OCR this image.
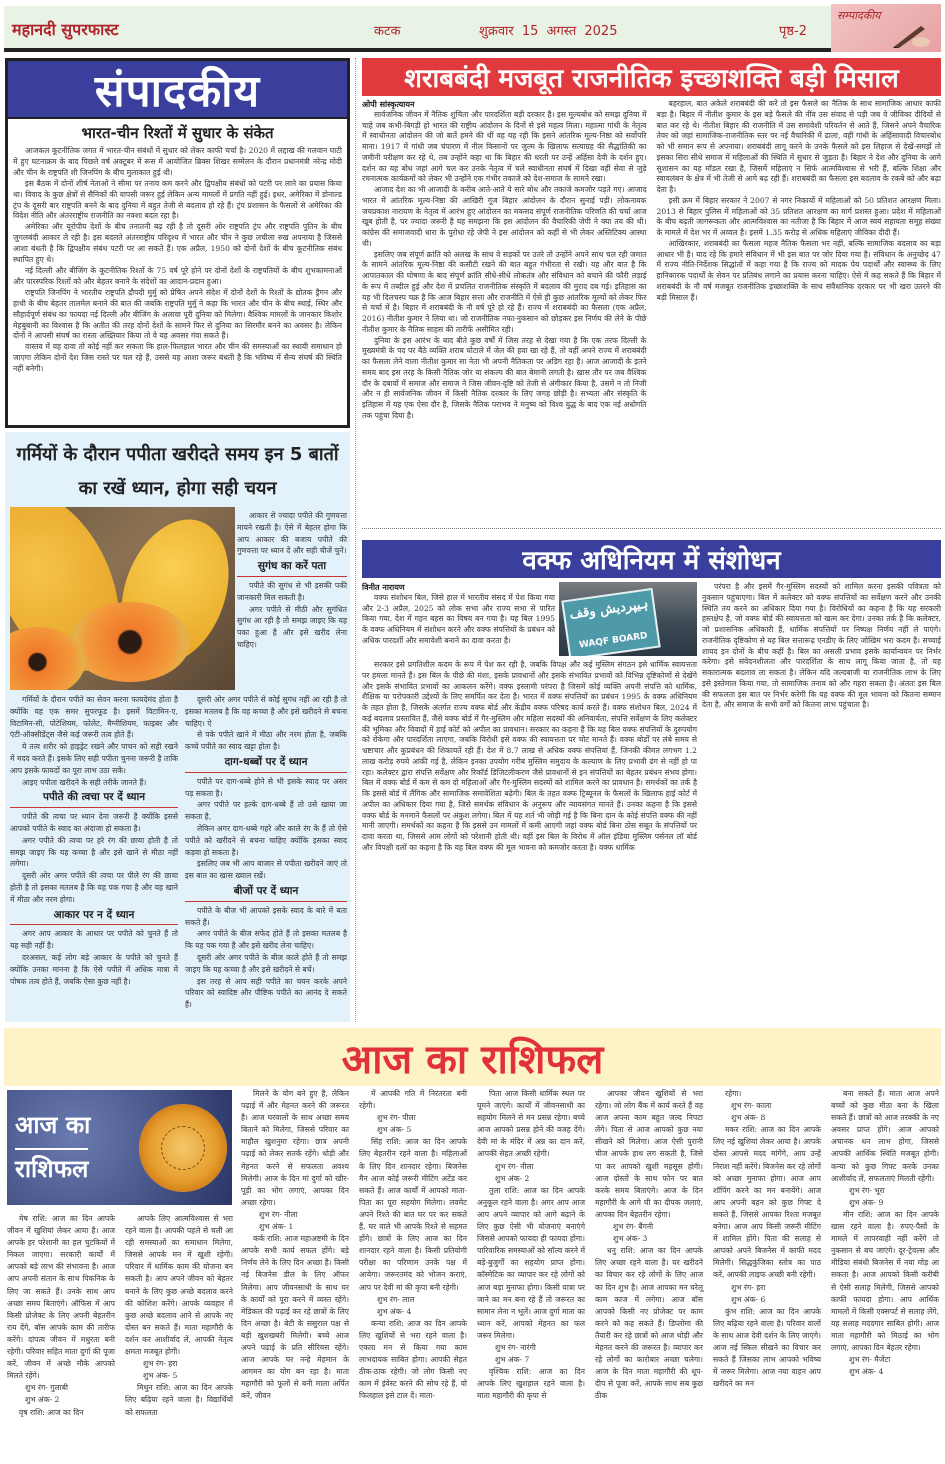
महानदी सुपरफास्ट	कटक	शुक्रवार 15 अगस्त 2025	पृष्ठ-2
सम्पादकीय
संपादकीय
भारत-चीन रिश्तों में सुधार के संकेत

आजकल कूटनीतिक जगत में भारत-चीन संबंधों में सुधार को लेकर काफी चर्चा है। 2020 में लद्दाख की गलवान घाटी में हुए घटनाक्रम के बाद पिछले वर्ष अक्टूबर में रूस में आयोजित ब्रिक्स शिखर सम्मेलन के दौरान प्रधानमंत्री नरेन्द्र मोदी और चीन के राष्ट्रपति शी जिनपिंग के बीच मुलाकात हुई थी।

इस बैठक में दोनों शीर्ष नेताओं ने सीमा पर तनाव कम करने और द्विपक्षीय संबंधों को पटरी पर लाने का प्रयास किया था। विवाद के कुछ क्षेत्रों से सैनिकों की वापसी जरूर हुई लेकिन अन्य मामलों में प्रगति नहीं हुई। इधर, अमेरिका में डोनाल्ड ट्रंप के दूसरी बार राष्ट्रपति बनने के बाद दुनिया में बहुत तेजी से बदलाव हो रहे हैं। ट्रंप प्रशासन के फैसलों से अमेरिका की विदेश नीति और अंतरराष्ट्रीय राजनीति का नक्शा बदल रहा है।

अमेरिका और यूरोपीय देशों के बीच तनातनी बढ़ रही है तो दूसरी ओर राष्ट्रपति ट्रंप और राष्ट्रपति पुतिन के बीच जुगलबंदी आकार ले रही है। इस बदलते अंतरराष्ट्रीय परिदृश्य में भारत और चीन ने कुछ लचीला रुख अपनाया है जिससे आशा बंधती है कि द्विपक्षीय संबंध पटरी पर आ सकते हैं। एक अप्रैल, 1950 को दोनों देशों के बीच कूटनीतिक संबंध स्थापित हुए थे।

नई दिल्ली और बीजिंग के कूटनीतिक रिश्तों के 75 वर्ष पूरे होने पर दोनों देशों के राष्ट्रपतियों के बीच शुभकामनाओं और पारस्परिक रिश्तों को और बेहतर बनाने के संदेशों का आदान-प्रदान हुआ।

राष्ट्रपति जिनपिंग ने भारतीय राष्ट्रपति द्रौपदी मुर्मु को प्रेषित अपने संदेश में दोनों देशों के रिश्तों के द्योतक ड्रैगन और हाथी के बीच बेहतर तालमेल बनाने की बात की जबकि राष्ट्रपति मुर्मु ने कहा कि भारत और चीन के बीच स्थाई, स्थिर और सौहार्दपूर्ण संबंध का फायदा नई दिल्ली और बीजिंग के अलावा पूरी दुनिया को मिलेगा। वैश्विक मामलों के जानकार किशोर मेहबुबानी का विश्वास है कि अतीत की तरह दोनों देशों के सामने फिर से दुनिया का सिरमौर बनने का अवसर है। लेकिन दोनों ने आपसी संघर्ष का रास्ता अख्तियार किया तो वे यह अवसर गंवा सकते हैं।

वास्तव में यह दावा तो कोई नहीं कर सकता कि हाल-फिलहाल भारत और चीन की समस्याओं का स्थायी समाधान हो जाएगा लेकिन दोनों देश जिस रास्ते पर चल रहे हैं, उससे यह आशा जरूर बंधती है कि भविष्य में सैन्य संघर्ष की स्थिति नहीं बनेगी।

गर्मियों के दौरान पपीता खरीदते समय इन 5 बातों का रखें ध्यान, होगा सही चयन

आकार से ज्यादा पपीते की गुणवत्ता मायने रखती है। ऐसे में बेहतर होगा कि आप आकार की बजाय पपीते की गुणवत्ता पर ध्यान दें और सही चीजें चुनें।

सुगंध का करें पता

पपीते की सुगंध से भी इसकी पकी जानकारी मिल सकती है।

अगर पपीते से मीठी और सुगंधित सुगंध आ रही है तो समझ जाइए कि यह पका हुआ है और इसे खरीद लेना चाहिए।

गर्मियों के दौरान पपीते का सेवन करना फायदेमंद होता है क्योंकि यह एक समर सुपरफूड है। इसमें विटामिन-ए, विटामिन-सी, पोटेशियम, फोलेट, मैग्नीशियम, फाइबर और एंटी-ऑक्सीडेंट्स जैसे कई जरूरी तत्व होते हैं।

ये तत्व शरीर को हाइड्रेट रखने और पाचन को सही रखने में मदद करते हैं। इसके लिए सही पपीता चुनना जरूरी है ताकि आप इसके फायदों का पूरा लाभ उठा सकें।

आइए पपीता खरीदने के सही तरीके जानते हैं।

पपीते की त्वचा पर दें ध्यान

पपीते की त्वचा पर ध्यान देना जरूरी है क्योंकि इससे आपको पपीते के स्वाद का अंदाजा हो सकता है।

अगर पपीते की त्वचा पर हरे रंग की छाया होती है तो समझ जाइए कि यह कच्चा है और इसे खाने से मीठा नहीं लगेगा।

दूसरी ओर अगर पपीते की त्वचा पर पीले रंग की छाया होती है तो इसका मतलब है कि यह पक गया है और यह खाने में मीठा और नरम होगा।

आकार पर न दें ध्यान

अगर आप आकार के आधार पर पपीते को चुनते हैं तो यह सही नहीं है।

दरअसल, कई लोग बड़े आकार के पपीते को चुनते हैं क्योंकि उनका मानना है कि ऐसे पपीते में अधिक मात्रा में पोषक तत्व होते हैं, जबकि ऐसा कुछ नहीं है।

दूसरी ओर अगर पपीते से कोई सुगंध नहीं आ रही है तो इसका मतलब है कि वह कच्चा है और इसे खरीदने से बचना चाहिए। ऐ

से पके पपीते खाने में मीठा और नरम होता है, जबकि कच्चे पपीते का स्वाद खट्टा होता है।

दाग-धब्बों पर दें ध्यान

पपीते पर दाग-धब्बे होने से भी इसके स्वाद पर असर पड़ सकता है।

अगर पपीते पर हल्के दाग-धब्बे हैं तो उसे खाया जा सकता है,

लेकिन अगर दाग-धब्बे गहरे और काले रंग के हैं तो ऐसे पपीते को खरीदने से बचना चाहिए क्योंकि इसका स्वाद कड़वा हो सकता है।

इसलिए जब भी आप बाजार से पपीता खरीदने जाएं तो इस बात का खास ख्याल रखें।

बीजों पर दें ध्यान

पपीते के बीज भी आपको इसके स्वाद के बारे में बता सकते हैं।

अगर पपीते के बीज सफेद होते हैं तो इसका मतलब है कि यह पक गया है और इसे खरीद लेना चाहिए।

दूसरी ओर अगर पपीते के बीज काले होते हैं तो समझ जाइए कि यह कच्चा है और इसे खरीदने से बचें।

इस तरह से आप सही पपीते का चयन करके अपने परिवार को स्वादिष्ट और पौष्टिक पपीते का आनंद दे सकते हैं।

शराबबंदी मजबूत राजनीतिक इच्छाशक्ति बड़ी मिसाल
ओपी सांस्कृत्यायन

सार्वजनिक जीवन में नैतिक शुचिता और पारदर्शिता बड़ी दरकार है। इस मूल्यबोध को समझ दुनिया में चाहे जब कभी-बिगड़ी हो भारत की राष्ट्रीय आंदोलन के दिनों से इसे महत्व मिला। महात्मा गांधी के नेतृत्व में स्वाधीनता आंदोलन की जो बातें हमने की थीं वह यह रही कि इसने आंतरिक मूल्य-निष्ठा को सर्वोपरि माना। 1917 में गांधी जब चंपारण में नील किसानों पर जुल्म के खिलाफ सत्याग्रह की सैद्धांतिकी का जमीनी परीक्षण कर रहे थे, तब उन्होंने कहा था कि बिहार की धरती पर उन्हें अहिंसा देवी के दर्शन हुए। दर्शन का यह बोध जहां आगे चल कर उनके नेतृत्व में चले स्वाधीनता संघर्ष में दिखा वहीं सेवा से जुड़े रचनात्मक कार्यक्रमों को लेकर भी उन्होंने एक गंभीर तकाजे को देश-समाज के सामने रखा।

आजाद देश का भी आजादी के करीब आते-आते ये सारे बोध और तकाजे कमजोर पड़ते गए। आजाद भारत में आंतरिक मूल्य-निष्ठा की आखिरी गूंज बिहार आंदोलन के दौरान सुनाई पड़ी। लोकनायक जयप्रकाश नारायण के नेतृत्व में आरंभ हुए आंदोलन का मकसद संपूर्ण राजनीतिक परिणति की चर्चा आज खूब होती है, पर ज्यादा जरूरी है यह समझना कि इस आंदोलन की वैचारिकी जेपी ने क्या तय की थी। कांग्रेस की समाजवादी धारा के पुरोधा रहे जेपी ने इस आंदोलन को कहीं से भी लेकर अस्तिटिक्य आस्था थी।

इसलिए जब संपूर्ण क्रांति को अलख के साथ वे सड़कों पर उतरे तो उन्होंने अपने साथ चल रही जमात के सामने आंतरिक मूल्य-निष्ठा की कसौटी रखने की बात बहुत गंभीरता से रखी। यह और बात है कि आपातकाल की घोषणा के बाद संपूर्ण क्रांति सीधे-सीधे लोकतंत्र और संविधान को बचाने की फौरी लड़ाई के रूप में तब्दील हुई और देश में प्रचलित राजनीतिक संस्कृति में बदलाव की मुराद दब गई। इतिहास का यह भी दिलचस्प चक्र है कि आज बिहार सत्ता और राजनीति में ऐसे ही कुछ आंतरिक मूल्यों को लेकर फिर से चर्चा में है। बिहार में शराबबंदी के नौ वर्ष पूरे हो रहे हैं। राज्य में शराबबंदी का फैसला (एक अप्रैल, 2016) नीतीश कुमार ने लिया था। जो राजनीतिक नफा-नुकसान को छोड़कर इस निर्णय की लेने के पीछे नीतीश कुमार के नैतिक साहस की तारीफें असीमित रही।

दुनिया के इस आरंभ के बाद बीते कुछ वर्षों में जिस तरह से देखा गया है कि एक तरफ दिल्ली के मुख्यमंत्री के पद पर बैठे व्यक्ति शराब घोटाले में जेल की हवा खा रहे हैं, तो वहीं अपने राज्य में शराबबंदी का फैसला लेने वाला नीतीश कुमार सा नेता भी अपनी नैतिकता पर अडिग रहा है। आज आजादी के इतने समय बाद इस तरह के किसी नैतिक जोर या संकल्प की बात बेमानी लगती है। खास तौर पर जब वैश्विक दौर के दबावों में समाज और समाज ने जिस जीवन-दृष्टि को तेजी से अंगीकार किया है, उसमें न तो निजी और न ही सार्वजनिक जीवन में किसी नैतिक दरकार के लिए जगह छोड़ी है। सभ्यता और संस्कृति के इतिहास में यह एक ऐसा दौर है, जिसके नैतिक पराभव ने मनुष्य को विश्व युद्ध के बाद एक नई अधोगति तक पहुंचा दिया है।

बहरहाल, बात अकेले शराबबंदी की करें तो इस फैसले का नैतिक के साथ सामाजिक आधार काफी बड़ा है। बिहार में नीतीश कुमार के इस बड़े फैसले की नींव उस संवाद से पड़ी जब वे जीविका दीदियों से बात कर रहे थे। नीतीश बिहार की राजनीति में उस समावेशी परिवर्तन से आते हैं, जिसने अपने वैचारिक तेवर को जहां सामाजिक-राजनीतिक स्तर पर नई वैचारिकी में ढाला, वहीं गांधी के अहिंसावादी विचारबोध को भी समान रूप से अपनाया। शराबबंदी लागू करने के उनके फैसले को इस लिहाज से देखें-समझें तो इसका सिरा सीधे समाज में महिलाओं की स्थिति में सुधार से जुड़ता है। बिहार ने देश और दुनिया के आगे सुशासन का यह मॉडल रखा है, जिसमें महिलाएं न सिर्फ आत्मविश्वास से भरी हैं, बल्कि शिक्षा और स्वावलंबन के क्षेत्र में भी तेजी से आगे बढ़ रही हैं। शराबबंदी का फैसला इस बदलाव के रकबे को और बढ़ा देता है।

इसी क्रम में बिहार सरकार ने 2007 से नगर निकायों में महिलाओं को 50 प्रतिशत आरक्षण मिला। 2013 से बिहार पुलिस में महिलाओं को 35 प्रतिशत आरक्षण का मार्ग प्रशस्त हुआ। प्रदेश में महिलाओं के बीच बढ़ती जागरूकता और आत्मविश्वास का नतीजा है कि बिहार में आज स्वयं सहायता समूह संख्या के मामले में देश भर में अव्वल है। इसमें 1.35 करोड़ से अधिक महिलाएं जीविका दीदी हैं।

आखिरकार, शराबबंदी का फैसला महज नैतिक फैसला भर नहीं, बल्कि सामाजिक बदलाव का बड़ा आधार भी है। याद रहे कि हमारे संविधान में भी इस बात पर जोर दिया गया है। संविधान के अनुच्छेद 47 में राज्य नीति-निर्देशक सिद्धांतों में कहा गया है कि राज्य को मादक पेय पदार्थों और स्वास्थ्य के लिए हानिकारक पदार्थों के सेवन पर प्रतिबंध लगाने का प्रयास करना चाहिए। ऐसे में कह सकते हैं कि बिहार में शराबबंदी के नौ वर्ष मजबूत राजनीतिक इच्छाशक्ति के साथ संवैधानिक दरकार पर भी खरा उतरने की बड़ी मिसाल हैं।

वक्फ अधिनियम में संशोधन
विनीत नारायण

वक्फ संशोधन बिल, जिसे हाल में भारतीय संसद में पेश किया गया और 2-3 अप्रैल, 2025 को लोक सभा और राज्य सभा से पारित किया गया, देश में गहन बहस का विषय बन गया है। यह बिल 1995 के वक्फ अधिनियम में संशोधन करने और वक्फ संपत्तियों के प्रबंधन को अधिक पारदर्शी और समावेशी बनाने का दावा करता है।

ہیپردیش وقف
WAQF BOARD

परंपरा है और इसमें गैर-मुस्लिम सदस्यों को शामिल करना इसकी पवित्रता को नुकसान पहुंचाएगा। बिल में कलेक्टर को वक्फ संपत्तियों का सर्वेक्षण करने और उनकी स्थिति तय करने का अधिकार दिया गया है। विरोधियों का कहना है कि यह सरकारी हस्तक्षेप है, जो वक्फ बोर्ड की स्वायत्तता को खत्म कर देगा। उनका तर्क है कि कलेक्टर, जो प्रशासनिक अधिकारी हैं, धार्मिक संपत्तियों पर निष्पक्ष निर्णय नहीं ले पाएंगे। राजनीतिक दृष्टिकोण से यह बिल सत्तारूढ़ एनडीए के लिए जोखिम भरा कदम है। सच्चाई शायद इन दोनों के बीच कहीं है। बिल का असली प्रभाव इसके कार्यान्वयन पर निर्भर करेगा। इसे संवेदनशीलता और पारदर्शिता के साथ लागू किया जाता है, तो यह सकारात्मक बदलाव ला सकता है। लेकिन यदि जल्दबाजी या राजनीतिक लाभ के लिए इसे इस्तेमाल किया गया, तो सामाजिक तनाव को और गहरा सकता है। अंततः इस बिल की सफलता इस बात पर निर्भर करेगी कि यह वक्फ की मूल भावना को कितना सम्मान देता है, और समाज के सभी वर्गों को कितना लाभ पहुंचाता है।

सरकार इसे प्रगतिशील कदम के रूप में पेश कर रही है, जबकि विपक्ष और कई मुस्लिम संगठन इसे धार्मिक स्वायत्तता पर हमला मानते हैं। इस बिल के पीछे की मंशा, इसके प्रावधानों और इसके संभावित प्रभावों को विभिन्न दृष्टिकोणों से देखेंगे और इसके संभावित प्रभावों का आकलन करेंगे। वक्फ इस्लामी परंपरा है जिसमें कोई व्यक्ति अपनी संपत्ति को धार्मिक, शैक्षिक या परोपकारी उद्देश्यों के लिए समर्पित कर देता है। भारत में वक्फ संपत्तियों का प्रबंधन 1995 के वक्फ अधिनियम के तहत होता है, जिसके अंतर्गत राज्य वक्फ बोर्ड और केंद्रीय वक्फ परिषद कार्य करते हैं। वक्फ संशोधन बिल, 2024 में कई बदलाव प्रस्तावित हैं, जैसे वक्फ बोर्ड में गैर-मुस्लिम और महिला सदस्यों की अनिवार्यता, संपत्ति सर्वेक्षण के लिए कलेक्टर की भूमिका और विवादों में हाई कोर्ट को अपील का प्रावधान। सरकार का कहना है कि यह बिल वक्फ संपत्तियों के दुरुपयोग को रोकेगा और पारदर्शिता लाएगा, जबकि विरोधी इसे वक्फ की स्वायत्तता पर चोट मानते हैं। वक्फ बोर्डों पर लंबे समय से भ्रष्टाचार और कुप्रबंधन की शिकायतें रही हैं। देश में 8.7 लाख से अधिक वक्फ संपत्तियां हैं, जिनकी कीमत लगभग 1.2 लाख करोड़ रुपये आंकी गई है, लेकिन इनका उपयोग गरीब मुस्लिम समुदाय के कल्याण के लिए प्रभावी ढंग से नहीं हो पा रहा। कलेक्टर द्वारा संपत्ति सर्वेक्षण और रिकॉर्ड डिजिटलीकरण जैसे प्रावधानों से इन संपत्तियों का बेहतर प्रबंधन संभव होगा। बिल में वक्फ बोर्ड में कम से कम दो महिलाओं और गैर-मुस्लिम सदस्यों को शामिल करने का प्रावधान है। समर्थकों का तर्क है कि इससे बोर्ड में लैंगिक और सामाजिक समावेशिता बढ़ेगी। बिल के तहत वक्फ ट्रिब्यूनल के फैसलों के खिलाफ हाई कोर्ट में अपील का अधिकार दिया गया है, जिसे समर्थक संविधान के अनुरूप और न्यायसंगत मानते हैं। उनका कहना है कि इससे वक्फ बोर्ड के मनमाने फैसलों पर अंकुश लगेगा। बिल में यह शर्त भी जोड़ी गई है कि बिना दान के कोई संपत्ति वक्फ की नहीं मानी जाएगी। समर्थकों का कहना है कि इससे उन मामलों में कमी आएगी जहां वक्फ बोर्ड बिना ठोस सबूत के संपत्तियों पर दावा करता था, जिससे आम लोगों को परेशानी होती थी। वहीं इस बिल के विरोध में ऑल इंडिया मुस्लिम पर्सनल लॉ बोर्ड और विपक्षी दलों का कहना है कि यह बिल वक्फ की मूल भावना को कमजोर करता है। वक्फ धार्मिक

आज का राशिफल
आज का
राशिफल

मेष राशि: आज का दिन आपके जीवन में खुशियां लेकर आया है। आज आपके हर परेशानी का हल चुटकियों में निकल जाएगा। सरकारी कार्यों में आपको बड़े लाभ की संभावना है। आज आप अपनी संतान के साथ पिकनिक के लिए जा सकते हैं। उनके साथ आप अच्छा समय बिताएंगे। ऑफिस में आप किसी प्रोजेक्ट के लिए अपनी बेहतरीन राय देंगे, बॉस आपके काम की तारीफ करेंगे। दांपत्य जीवन में मधुरता बनी रहेगी। परिवार सहित माता दुर्गा की पूजा करें, जीवन में अच्छे मौके आपको मिलते रहेंगे।

शुभ रंग- गुलाबी
शुभ अंक- 2

वृष राशि: आज का दिन

आपके लिए आत्मविश्वास से भरा रहने वाला है। आपकी पहले से चली आ रही समस्याओं का समाधान मिलेगा, जिससे आपके मन में खुशी रहेगी। परिवार में धार्मिक काम की योजना बन सकती है। आप अपने जीवन को बेहतर बनाने के लिए कुछ अच्छे बदलाव करने की कोशिश करेंगे। आपके व्यवहार में कुछ अच्छे बदलाव आने से आपके नए दोस्त बन सकते हैं। माता महागौरी के दर्शन कर आशीर्वाद लें, आपकी नेतृत्व क्षमता मजबूत होगी।

शुभ रंग- हरा
शुभ अंक- 5

मिथुन राशि: आज का दिन आपके लिए बढ़िया रहने वाला है। विद्यार्थियों को सफलता

मिलने के योग बने हुए है, लेकिन पढ़ाई में और मेहनत करने की जरूरत है। आज घरवालों के साथ अच्छा समय बिताने को मिलेगा, जिससे परिवार का माहौल खुशनुमा रहेगा। छात्र अपनी पढ़ाई को लेकर सतर्क रहेंगे। थोड़ी और मेहनत करने से सफलता अवश्य मिलेगी। आज के दिन मां दुर्गा को खीर-पूड़ी का भोग लगाएं, आपका दिन अच्छा रहेगा।

शुभ रंग- नीला
शुभ अंक- 1

कर्क राशि: आज महाअष्टमी के दिन आपके सभी कार्य सफल होंगे। बड़े निर्णय लेने के लिए दिन अच्छा है। किसी नई बिजनेस डील के लिए ऑफर मिलेगा। आप जीवनसाथी के साथ घर के कार्यों को पूरा करने में व्यस्त रहेंगे। मेडिकल की पढ़ाई कर रहे छात्रों के लिए दिन अच्छा है। बेटी के ससुराल पक्ष से बड़ी खुशखबरी मिलेगी। बच्चे आज अपने पढ़ाई के प्रति सीरियस रहेंगे। आज आपके घर नन्हे मेहमान के आगमन का योग बन रहा है। माता महागौरी को फूलों से बनी माला अर्पित करें, जीवन

में आपकी गति में निरंतरता बनी रहेगी।

शुभ रंग- पीला
शुभ अंक- 5

सिंह राशि: आज का दिन आपके लिए बेहतरीन रहने वाला है। महिलाओं के लिए दिन शानदार रहेगा। बिजनेस मैन आज कोई जरूरी मीटिंग अटेंड कर सकते हैं। आज कार्यों में आपको माता-पिता का पूरा सहयोग मिलेगा। लवमेट अपने रिश्ते की बात घर पर कर सकते हैं, घर वाले भी आपके रिश्ते से सहमत होंगे। छात्रों के लिए आज का दिन शानदार रहने वाला है। किसी प्रतियोगी परीक्षा का परिणाम उनके पक्ष में आयेगा। जरूरतमंद को भोजन कराएं, आप पर देवी मां की कृपा बनी रहेगी।

शुभ रंग- लाल
शुभ अंक- 4

कन्या राशि: आज का दिन आपके लिए खुशियों से भरा रहने वाला है। एकाग्र मन से किया गया काम लाभदायक साबित होगा। आपकी सेहत ठीक-ठाक रहेगी। जो लोग किसी नए काम में इंवेस्ट करने की सोच रहे हैं, वो फिलहाल इसे टाल दें। माता-

पिता आज किसी धार्मिक स्थल पर घूमने जाएंगे। कार्यों में जीवनसाथी का सहयोग मिलने से मन प्रसन्न रहेगा। बच्चे आज आपको प्रसन्न होने की वजह देंगे। देवी मां के मंदिर में अन्न का दान करें, आपकी सेहत अच्छी रहेगी।

शुभ रंग- नीला
शुभ अंक- 2

तुला राशि: आज का दिन आपके अनुकूल रहने वाला है। अगर आप आज आप अपने व्यापार को आगे बढ़ाने के लिए कुछ ऐसी भी योजनाएं बनाएंगे जिससे आपको फायदा ही फायदा होगा। पारिवारिक समस्याओं को सॉल्व करने में बड़े-बुजुर्गों का सहयोग प्राप्त होगा। कॉस्मेटिक का व्यापार कर रहे लोगों को आज बड़ा मुनाफा होगा। किसी यात्रा पर जाने का मन बना रहे हैं तो जरूरत का सामान लेना न भूलें। आज दुर्गा माता का ध्यान करें, आपको मेहनत का फल जरूर मिलेगा।

शुभ रंग- नारंगी
शुभ अंक- 7

वृश्चिक राशि: आज का दिन आपके लिए खुशहाल रहने वाला है। माता महागौरी की कृपा से

आपका जीवन खुशियों से भरा रहेगा। जो लोग बैंक में कार्य करते हैं वह आज अपना काम बहुत जल्द निपटा लेंगे। पिता से आज आपको कुछ नया सीखने को मिलेगा। आज ऐसी पुरानी चीज आपके हाथ लग सकती है, जिसे पा कर आपको खुशी महसूस होगी। आज दोस्तों के साथ फोन पर बात करके समय बिताएंगे। आज के दिन महागौरी के आगे घी का दीपक जलाएं, आपका दिन बेहतरीन रहेगा।

शुभ रंग- बैंगनी
शुभ अंक- 3

धनु राशि: आज का दिन आपके लिए अच्छा रहने वाला है। घर खरीदने का विचार कर रहे लोगों के लिए आज का दिन शुभ है। आज आपका मन घरेलू काम काज में लगेगा। आज बॉस आपको किसी नए प्रोजेक्ट पर काम करने को कह सकते हैं। डिप्लोमा की तैयारी कर रहे छात्रों को आज थोड़ी और मेहनत करने की जरूरत है। व्यापार कर रहे लोगों का कारोबार अच्छा चलेगा। आज के दिन माता महागौरी की धूप-दीप से पूजा करें, आपके साथ सब कुछ ठीक

रहेगा।

शुभ रंग- काला
शुभ अंक- 8

मकर राशि: आज का दिन आपके लिए नई खुशियां लेकर आया है। आपके दोस्त आपसे मदद मांगेंगे, आप उन्हें निराश नहीं करेंगे। बिजनेस कर रहे लोगों को अच्छा मुनाफा होगा। आज आप शॉपिंग करने का मन बनायेंगे। आज आप अपनी बहन को कुछ गिफ्ट दे सकते हैं, जिससे आपका रिश्ता मजबूत बनेगा। आज आप किसी जरूरी मीटिंग में शामिल होंगे। पिता की सलाह से आपको अपने बिजनेस में काफी मदद मिलेगी। सिद्धकुंजिका स्तोत्र का पाठ करें, आपकी लाइफ अच्छी बनी रहेगी।

शुभ रंग- हरा
शुभ अंक- 6

कुंभ राशि: आज का दिन आपके लिए बढ़िया रहने वाला है। परिवार वालों के साथ आज देवी दर्शन के लिए जाएंगे। आज नई स्किल सीखने का विचार कर सकते हैं जिसका लाभ आपको भविष्य में जरूर मिलेगा। आज नया वाहन आप खरीदने का मन

बना सकते हैं। माता आज अपने बच्चों को कुछ मीठा बना के खिला सकते हैं। छात्रों को आज तरक्की के नए अवसर प्राप्त होंगे। आज आपको अचानक धन लाभ होगा, जिससे आपकी आर्थिक स्थिति मजबूत होगी। कन्या को कुछ गिफ्ट करके उनका आशीर्वाद लें, सफलताएं मिलती रहेंगी।

शुभ रंग- भूरा
शुभ अंक- 9

मीन राशि: आज का दिन आपके खास रहने वाला है। रुपए-पैसों के मामले में लापरवाही नहीं करेंगे तो नुकसान से बच जाएंगे। दूर-ट्रेवल्स और मीडिया संबंधी बिजनेस में नया मोड़ आ सकता है। आज आपको किसी करीबी से ऐसी सलाह मिलेगी, जिससे आपको काफी फायदा होगा। आप आर्थिक मामलों में किसी एक्सपर्ट से सलाह लेंगे, यह सलाह मददगार साबित होगी। आज माता महागौरी को मिठाई का भोग लगाएं, आपका दिन बेहतर रहेगा।

शुभ रंग- मैजेंटा
शुभ अंक- 4
